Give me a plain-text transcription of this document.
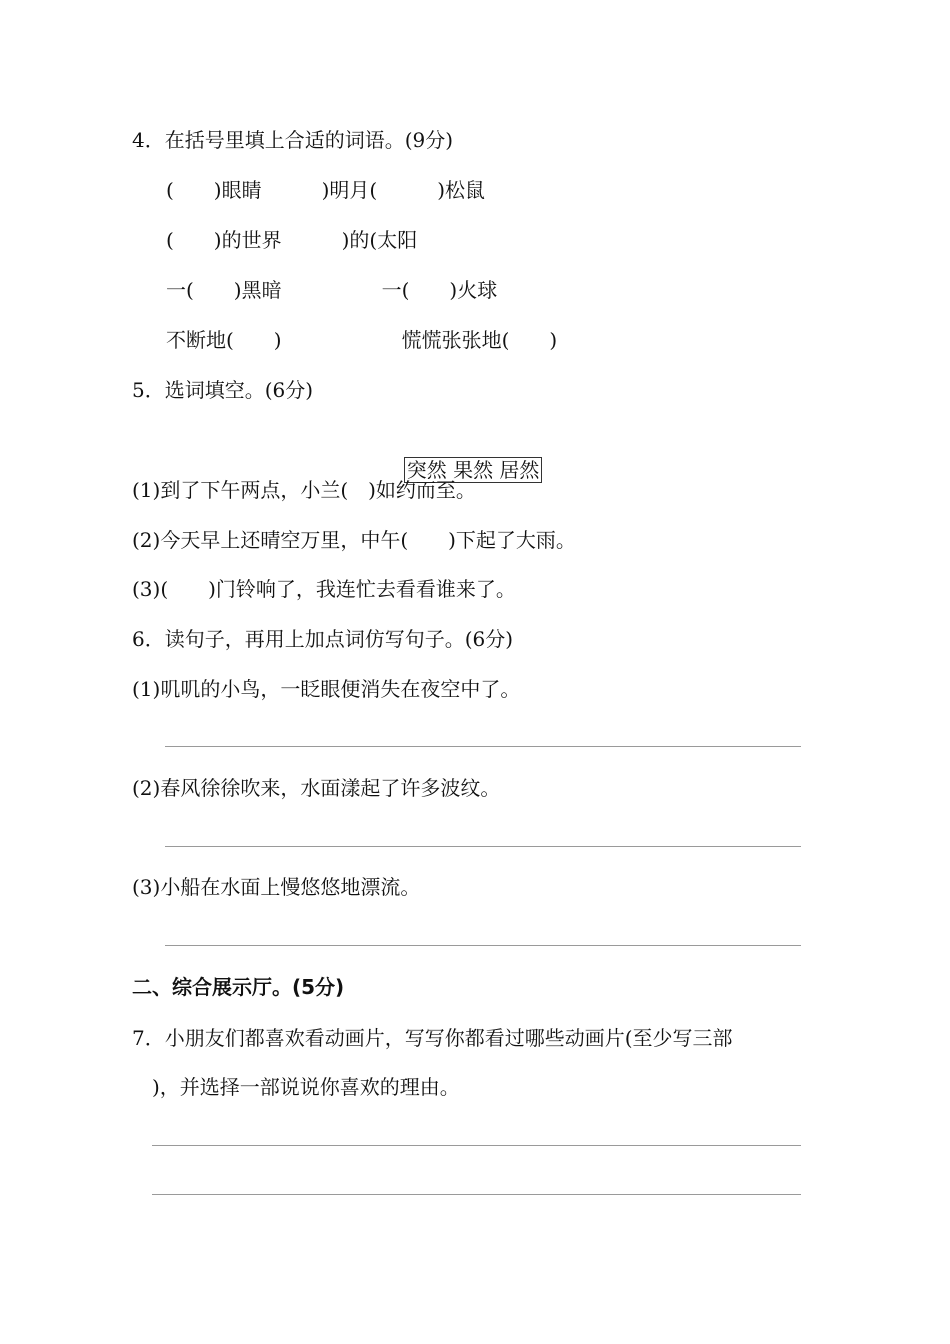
4．在括号里填上合适的词语。(9分)
(　　)眼睛　　　)明月(　　　)松鼠
(　　)的世界　　　)的(太阳
一(　　)黑暗　　　　　一(　　)火球
不断地(　　)　　　　　　慌慌张张地(　　)
5．选词填空。(6分)

突然 果然 居然

(1)到了下午两点，小兰(　)如约而至。
(2)今天早上还晴空万里，中午(　　)下起了大雨。
(3)(　　)门铃响了，我连忙去看看谁来了。
6．读句子，再用上加点词仿写句子。(6分)
(1)叽叽的小鸟，一眨眼便消失在夜空中了。
(2)春风徐徐吹来，水面漾起了许多波纹。
(3)小船在水面上慢悠悠地漂流。
二、综合展示厅。(5分)
7．小朋友们都喜欢看动画片，写写你都看过哪些动画片(至少写三部
)，并选择一部说说你喜欢的理由。
